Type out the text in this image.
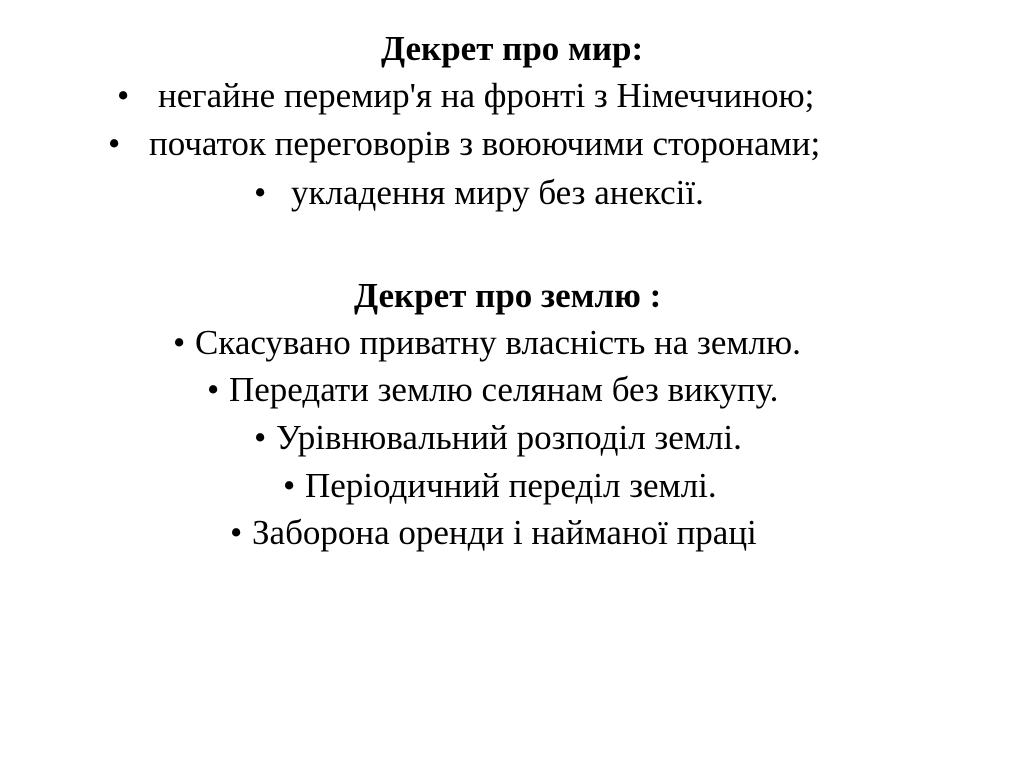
Декрет про мир:
• негайне перемир'я на фронті з Німеччиною;
• початок переговорів з воюючими сторонами;
• укладення миру без анексії.
Декрет про землю :
• Скасувано приватну власність на землю.
• Передати землю селянам без викупу.
• Урівнювальний розподіл землі.
• Періодичний переділ землі.
• Заборона оренди і найманої праці
